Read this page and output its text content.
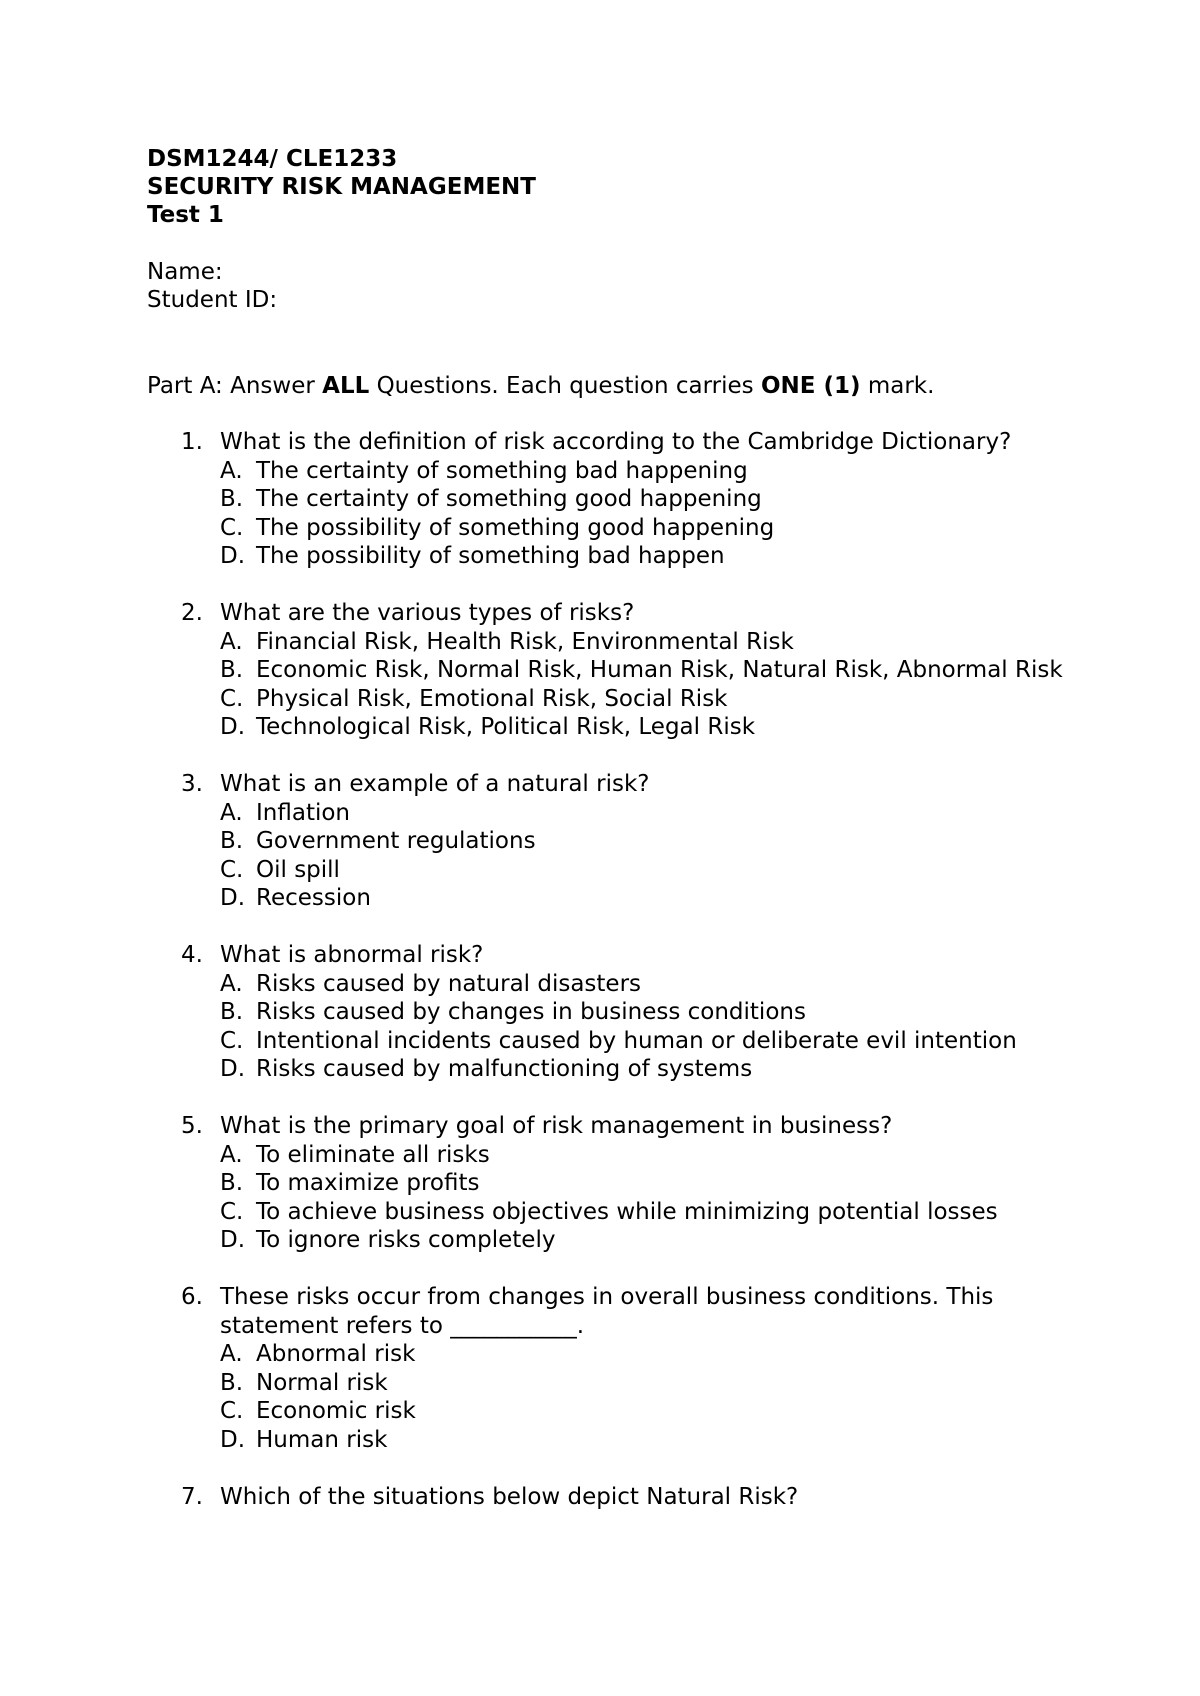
DSM1244/ CLE1233
SECURITY RISK MANAGEMENT
Test 1
Name:
Student ID:
Part A: Answer ALL Questions. Each question carries ONE (1) mark.
1. What is the definition of risk according to the Cambridge Dictionary?
A. The certainty of something bad happening
B. The certainty of something good happening
C. The possibility of something good happening
D. The possibility of something bad happen
2. What are the various types of risks?
A. Financial Risk, Health Risk, Environmental Risk
B. Economic Risk, Normal Risk, Human Risk, Natural Risk, Abnormal Risk
C. Physical Risk, Emotional Risk, Social Risk
D. Technological Risk, Political Risk, Legal Risk
3. What is an example of a natural risk?
A. Inflation
B. Government regulations
C. Oil spill
D. Recession
4. What is abnormal risk?
A. Risks caused by natural disasters
B. Risks caused by changes in business conditions
C. Intentional incidents caused by human or deliberate evil intention
D. Risks caused by malfunctioning of systems
5. What is the primary goal of risk management in business?
A. To eliminate all risks
B. To maximize profits
C. To achieve business objectives while minimizing potential losses
D. To ignore risks completely
6. These risks occur from changes in overall business conditions. This statement refers to ___________.
A. Abnormal risk
B. Normal risk
C. Economic risk
D. Human risk
7. Which of the situations below depict Natural Risk?
